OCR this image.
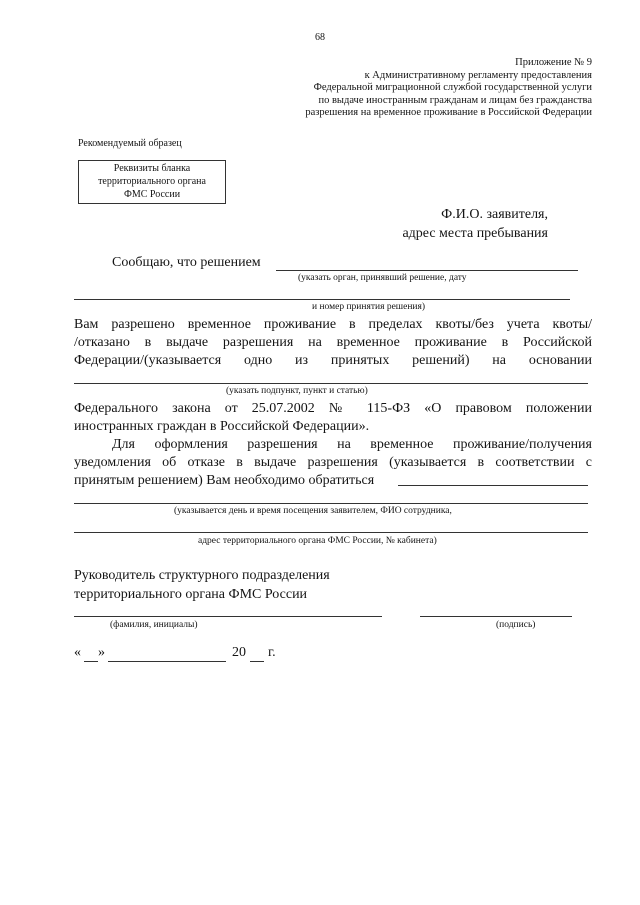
68
Приложение № 9
к Административному регламенту предоставления
Федеральной миграционной службой государственной услуги
по выдаче иностранным гражданам и лицам без гражданства
разрешения на временное проживание в Российской Федерации
Рекомендуемый образец
Реквизиты бланка
территориального органа
ФМС России
Ф.И.О. заявителя,
адрес места пребывания
Сообщаю, что решением
(указать орган, принявший решение, дату
и номер принятия решения)
Вам разрешено временное проживание в пределах квоты/без учета квоты/
/отказано в выдаче разрешения на временное проживание в Российской
Федерации/(указывается одно из принятых решений) на основании
(указать подпункт, пункт и статью)
Федерального закона от 25.07.2002 № 115-ФЗ «О правовом положении
иностранных граждан в Российской Федерации».
Для оформления разрешения на временное проживание/получения
уведомления об отказе в выдаче разрешения (указывается в соответствии с
принятым решением) Вам необходимо обратиться
(указывается день и время посещения заявителем, ФИО сотрудника,
адрес территориального органа ФМС России, № кабинета)
Руководитель структурного подразделения
территориального органа ФМС России
(фамилия, инициалы)	(подпись)
« »	20 г.
